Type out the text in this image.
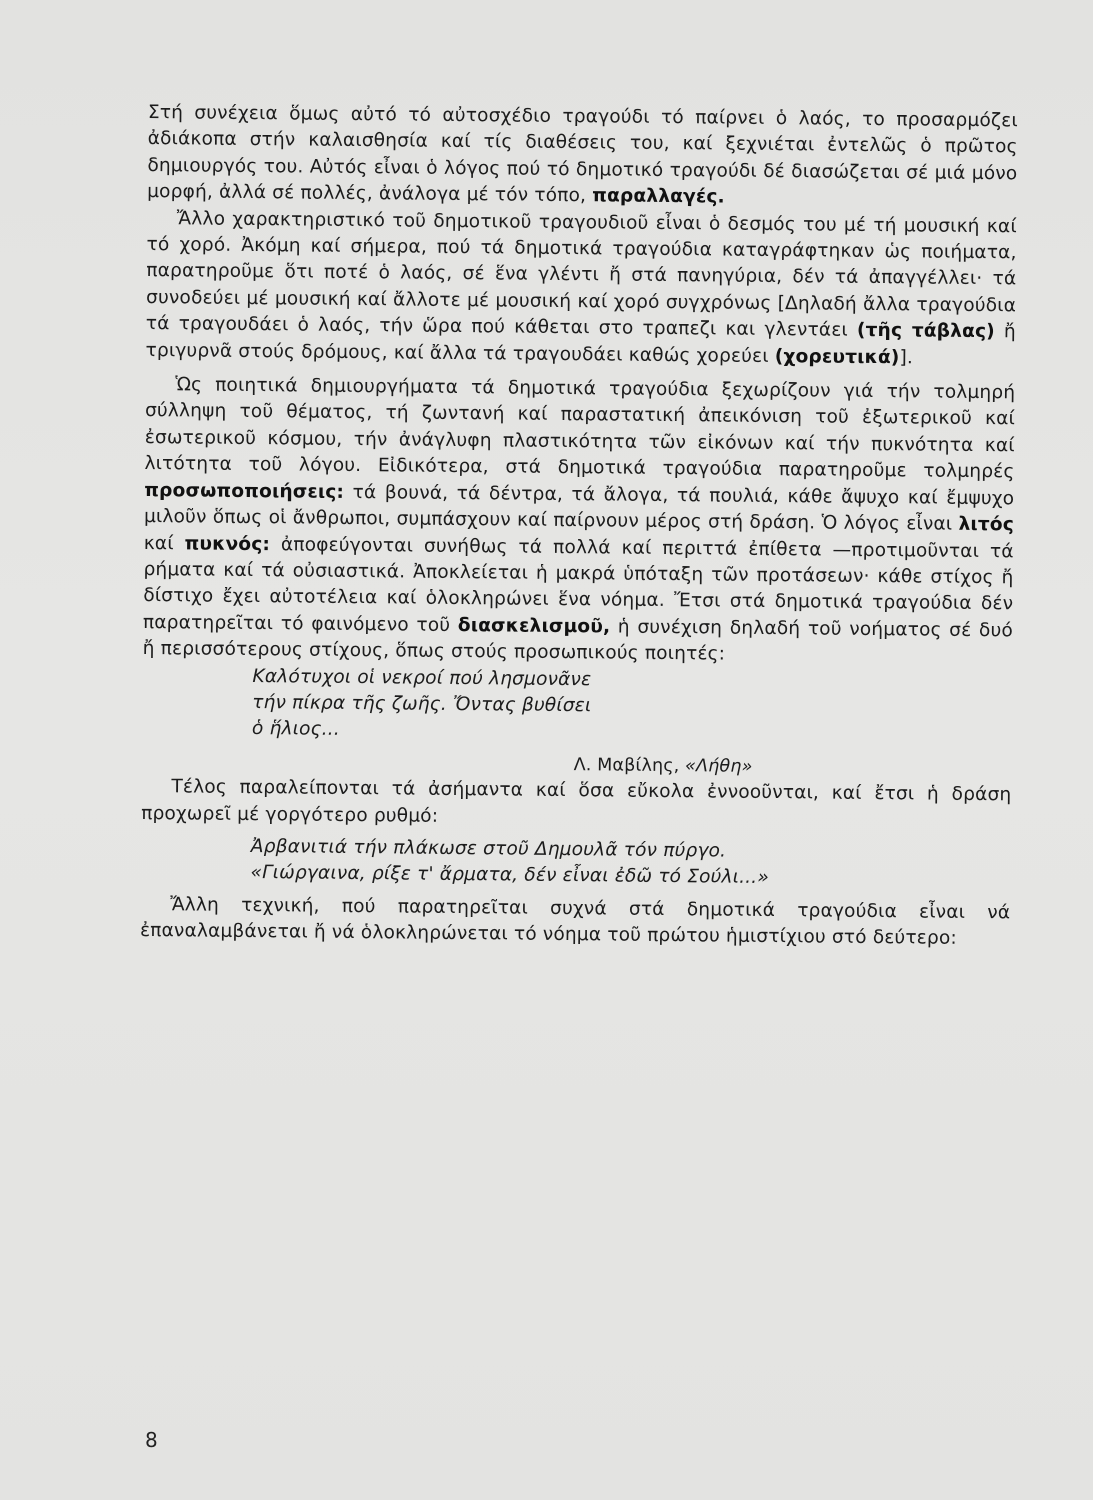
Στή συνέχεια ὅμως αὐτό τό αὐτοσχέδιο τραγούδι τό παίρνει ὁ λαός, το προσαρμόζει ἀδιάκοπα στήν καλαισθησία καί τίς διαθέσεις του, καί ξεχνιέται ἐντελῶς ὁ πρῶτος δημιουργός του. Αὐτός εἶναι ὁ λόγος πού τό δημοτικό τραγούδι δέ διασώζεται σέ μιά μόνο μορφή, ἀλλά σέ πολλές, ἀνάλογα μέ τόν τόπο, παραλλαγές.

Ἄλλο χαρακτηριστικό τοῦ δημοτικοῦ τραγουδιοῦ εἶναι ὁ δεσμός του μέ τή μουσική καί τό χορό. Ἀκόμη καί σήμερα, πού τά δημοτικά τραγούδια καταγράφτηκαν ὡς ποιήματα, παρατηροῦμε ὅτι ποτέ ὁ λαός, σέ ἕνα γλέντι ἤ στά πανηγύρια, δέν τά ἀπαγγέλλει· τά συνοδεύει μέ μουσική καί ἄλλοτε μέ μουσική καί χορό συγχρόνως [Δηλαδή ἄλλα τραγούδια τά τραγουδάει ὁ λαός, τήν ὥρα πού κάθεται στο τραπεζι και γλεντάει (τῆς τάβλας) ἤ τριγυρνᾶ στούς δρόμους, καί ἄλλα τά τραγουδάει καθώς χορεύει (χορευτικά)].

Ὡς ποιητικά δημιουργήματα τά δημοτικά τραγούδια ξεχωρίζουν γιά τήν τολμηρή σύλληψη τοῦ θέματος, τή ζωντανή καί παραστατική ἀπεικόνιση τοῦ ἐξωτερικοῦ καί ἐσωτερικοῦ κόσμου, τήν ἀνάγλυφη πλαστικότητα τῶν εἰκόνων καί τήν πυκνότητα καί λιτότητα τοῦ λόγου. Εἰδικότερα, στά δημοτικά τραγούδια παρατηροῦμε τολμηρές προσωποποιήσεις: τά βουνά, τά δέντρα, τά ἄλογα, τά πουλιά, κάθε ἄψυχο καί ἔμψυχο μιλοῦν ὅπως οἱ ἄνθρωποι, συμπάσχουν καί παίρνουν μέρος στή δράση. Ὁ λόγος εἶναι λιτός καί πυκνός: ἀποφεύγονται συνήθως τά πολλά καί περιττά ἐπίθετα —προτιμοῦνται τά ρήματα καί τά οὐσιαστικά. Ἀποκλείεται ἡ μακρά ὑπόταξη τῶν προτάσεων· κάθε στίχος ἤ δίστιχο ἔχει αὐτοτέλεια καί ὁλοκληρώνει ἕνα νόημα. Ἔτσι στά δημοτικά τραγούδια δέν παρατηρεῖται τό φαινόμενο τοῦ διασκελισμοῦ, ἡ συνέχιση δηλαδή τοῦ νοήματος σέ δυό ἤ περισσότερους στίχους, ὅπως στούς προσωπικούς ποιητές:

Καλότυχοι οἱ νεκροί πού λησμονᾶνε
τήν πίκρα τῆς ζωῆς. Ὄντας βυθίσει
ὁ ἥλιος...
Λ. Μαβίλης, «Λήθη»

Τέλος παραλείπονται τά ἀσήμαντα καί ὅσα εὔκολα ἐννοοῦνται, καί ἔτσι ἡ δράση προχωρεῖ μέ γοργότερο ρυθμό:

Ἀρβανιτιά τήν πλάκωσε στοῦ Δημουλᾶ τόν πύργο.
«Γιώργαινα, ρίξε τ' ἄρματα, δέν εἶναι ἐδῶ τό Σούλι...»

Ἄλλη τεχνική, πού παρατηρεῖται συχνά στά δημοτικά τραγούδια εἶναι νά ἐπαναλαμβάνεται ἤ νά ὁλοκληρώνεται τό νόημα τοῦ πρώτου ἡμιστίχιου στό δεύτερο:

8
